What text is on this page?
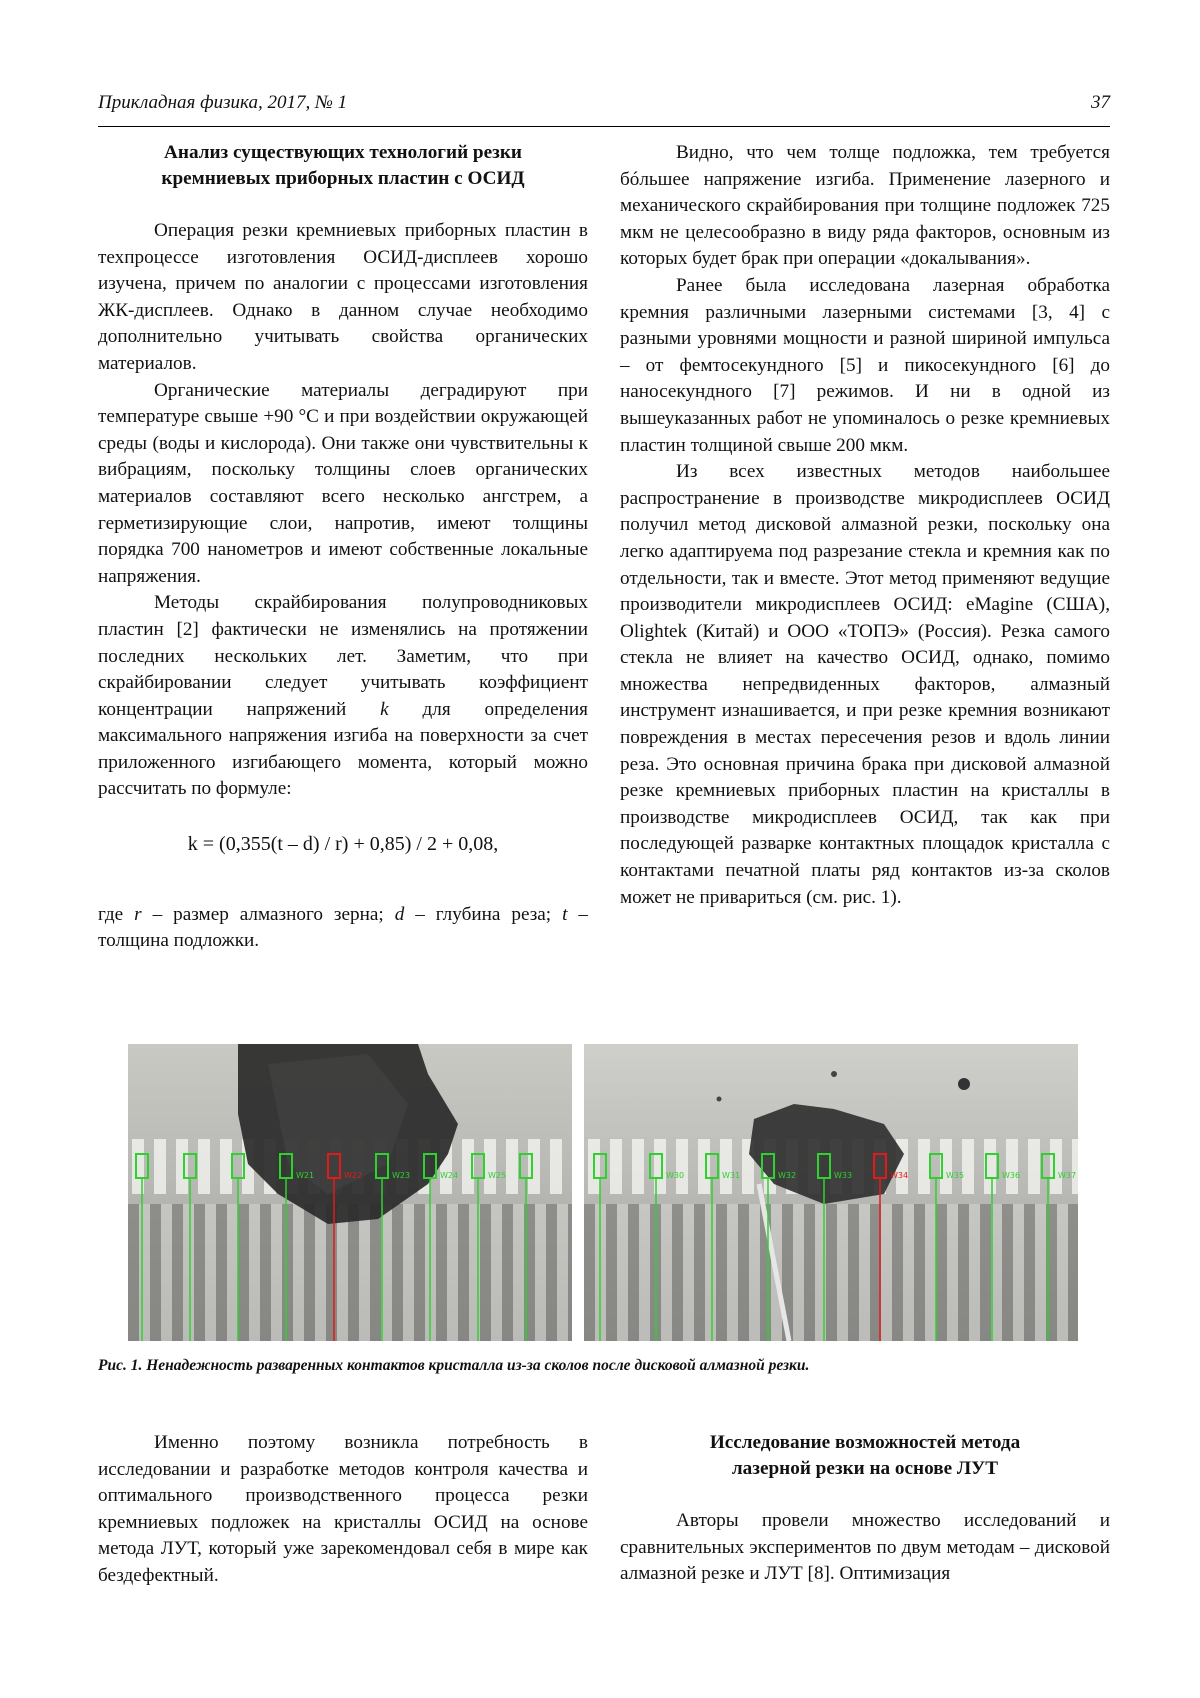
Прикладная физика, 2017, № 1	37

Анализ существующих технологий резки
кремниевых приборных пластин с ОСИД

Операция резки кремниевых приборных пластин в техпроцессе изготовления ОСИД-дисплеев хорошо изучена, причем по аналогии с процессами изготовления ЖК-дисплеев. Однако в данном случае необходимо дополнительно учитывать свойства органических материалов.

Органические материалы деградируют при температуре свыше +90 °C и при воздействии окружающей среды (воды и кислорода). Они также они чувствительны к вибрациям, поскольку толщины слоев органических материалов составляют всего несколько ангстрем, а герметизирующие слои, напротив, имеют толщины порядка 700 нанометров и имеют собственные локальные напряжения.

Методы скрайбирования полупроводниковых пластин [2] фактически не изменялись на протяжении последних нескольких лет. Заметим, что при скрайбировании следует учитывать коэффициент концентрации напряжений k для определения максимального напряжения изгиба на поверхности за счет приложенного изгибающего момента, который можно рассчитать по формуле:

k = (0,355(t – d) / r) + 0,85) / 2 + 0,08,

где r – размер алмазного зерна; d – глубина реза; t – толщина подложки.

Видно, что чем толще подложка, тем требуется бóльшее напряжение изгиба. Применение лазерного и механического скрайбирования при толщине подложек 725 мкм не целесообразно в виду ряда факторов, основным из которых будет брак при операции «докалывания».

Ранее была исследована лазерная обработка кремния различными лазерными системами [3, 4] с разными уровнями мощности и разной шириной импульса – от фемтосекундного [5] и пикосекундного [6] до наносекундного [7] режимов. И ни в одной из вышеуказанных работ не упоминалось о резке кремниевых пластин толщиной свыше 200 мкм.

Из всех известных методов наибольшее распространение в производстве микродисплеев ОСИД получил метод дисковой алмазной резки, поскольку она легко адаптируема под разрезание стекла и кремния как по отдельности, так и вместе. Этот метод применяют ведущие производители микродисплеев ОСИД: eMagine (США), Olightek (Китай) и ООО «ТОПЭ» (Россия). Резка самого стекла не влияет на качество ОСИД, однако, помимо множества непредвиденных факторов, алмазный инструмент изнашивается, и при резке кремния возникают повреждения в местах пересечения резов и вдоль линии реза. Это основная причина брака при дисковой алмазной резке кремниевых приборных пластин на кристаллы в производстве микродисплеев ОСИД, так как при последующей разварке контактных площадок кристалла с контактами печатной платы ряд контактов из-за сколов может не привариться (см. рис. 1).

W21	W22	W23	W24	W25	W30	W31	W32	W33	W34	W35	W36	W37
Рис. 1. Ненадежность разваренных контактов кристалла из-за сколов после дисковой алмазной резки.

Именно поэтому возникла потребность в исследовании и разработке методов контроля качества и оптимального производственного процесса резки кремниевых подложек на кристаллы ОСИД на основе метода ЛУТ, который уже зарекомендовал себя в мире как бездефектный.

Исследование возможностей метода
лазерной резки на основе ЛУТ

Авторы провели множество исследований и сравнительных экспериментов по двум методам – дисковой алмазной резке и ЛУТ [8]. Оптимизация
